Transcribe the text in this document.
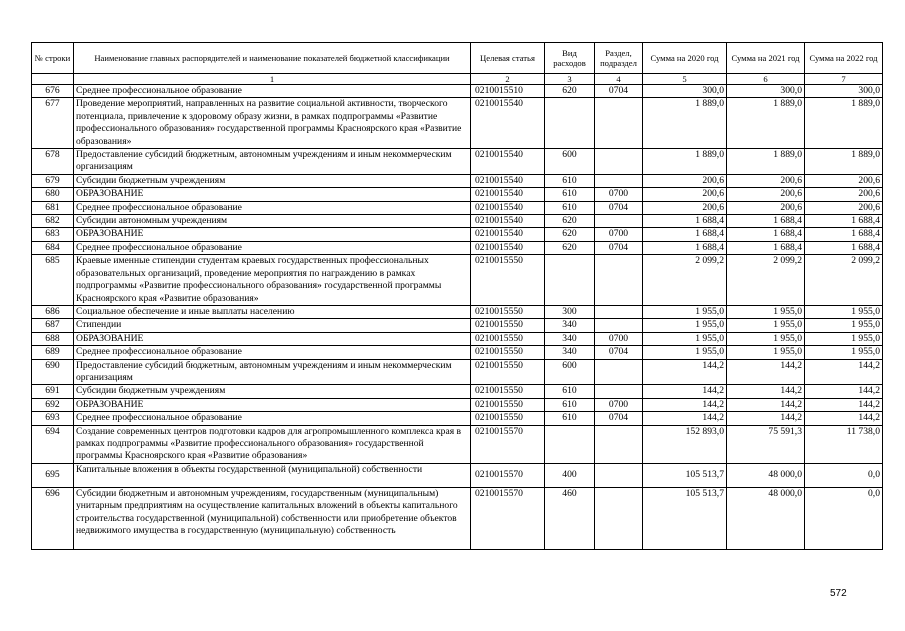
№ строки	Наименование главных распорядителей и наименование показателей бюджетной классификации	Целевая статья	Вид расходов	Раздел, подраздел	Сумма на 2020 год	Сумма на 2021 год	Сумма на 2022 год
	1	2	3	4	5	6	7
676	Среднее профессиональное образование	0210015510	620	0704	300,0	300,0	300,0
677	Проведение мероприятий, направленных на развитие социальной активности, творческого потенциала, привлечение к здоровому образу жизни, в рамках подпрограммы «Развитие профессионального образования» государственной программы Красноярского края «Развитие образования»	0210015540			1 889,0	1 889,0	1 889,0
678	Предоставление субсидий бюджетным, автономным учреждениям и иным некоммерческим организациям	0210015540	600		1 889,0	1 889,0	1 889,0
679	Субсидии бюджетным учреждениям	0210015540	610		200,6	200,6	200,6
680	ОБРАЗОВАНИЕ	0210015540	610	0700	200,6	200,6	200,6
681	Среднее профессиональное образование	0210015540	610	0704	200,6	200,6	200,6
682	Субсидии автономным учреждениям	0210015540	620		1 688,4	1 688,4	1 688,4
683	ОБРАЗОВАНИЕ	0210015540	620	0700	1 688,4	1 688,4	1 688,4
684	Среднее профессиональное образование	0210015540	620	0704	1 688,4	1 688,4	1 688,4
685	Краевые именные стипендии студентам краевых государственных профессиональных образовательных организаций, проведение мероприятия по награждению в рамках подпрограммы «Развитие профессионального образования» государственной программы Красноярского края «Развитие образования»	0210015550			2 099,2	2 099,2	2 099,2
686	Социальное обеспечение и иные выплаты населению	0210015550	300		1 955,0	1 955,0	1 955,0
687	Стипендии	0210015550	340		1 955,0	1 955,0	1 955,0
688	ОБРАЗОВАНИЕ	0210015550	340	0700	1 955,0	1 955,0	1 955,0
689	Среднее профессиональное образование	0210015550	340	0704	1 955,0	1 955,0	1 955,0
690	Предоставление субсидий бюджетным, автономным учреждениям и иным некоммерческим организациям	0210015550	600		144,2	144,2	144,2
691	Субсидии бюджетным учреждениям	0210015550	610		144,2	144,2	144,2
692	ОБРАЗОВАНИЕ	0210015550	610	0700	144,2	144,2	144,2
693	Среднее профессиональное образование	0210015550	610	0704	144,2	144,2	144,2
694	Создание современных центров подготовки кадров для агропромышленного комплекса края в рамках подпрограммы «Развитие профессионального образования» государственной программы Красноярского края «Развитие образования»	0210015570			152 893,0	75 591,3	11 738,0
695	Капитальные вложения в объекты государственной (муниципальной) собственности	0210015570	400		105 513,7	48 000,0	0,0
696	Субсидии бюджетным и автономным учреждениям, государственным (муниципальным) унитарным предприятиям на осуществление капитальных вложений в объекты капитального строительства государственной (муниципальной) собственности или приобретение объектов недвижимого имущества в государственную (муниципальную) собственность	0210015570	460		105 513,7	48 000,0	0,0
572
